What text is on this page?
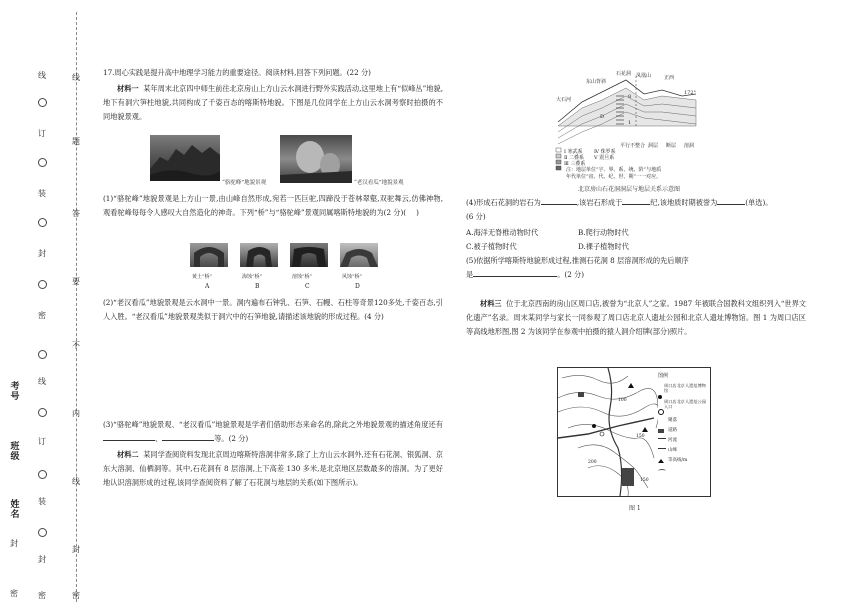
密
封
姓名
班级
考号
线
订
装
封
密
线
订
装
封
密
线
题
答
要
不
内
线
封
密
17.周心实践是提升高中地理学习能力的重要途径。阅读材料,回答下列问题。(22 分)
材料一 某年周末北京四中师生前往北京房山上方山云水洞进行野外实践活动,这里地上有“似峰丛”地貌,地下有洞穴笋柱地貌,共同构成了千姿百态的喀斯特地貌。下图是几位同学在上方山云水洞考察时拍摄的不同地貌景观。
“骆驼峰”地貌景观	“老汉看瓜”地貌景观
(1)“骆驼峰”地貌景观是上方山一景,由山峰自然形成,宛若一匹巨驼,四蹄没于苍林翠壑,双驼舞云,仿佛神物,观看驼峰每每令人感叹大自然造化的神奇。下列“桥”与“骆驼峰”景观同属喀斯特地貌的为(2 分)( )
黄土“桥”
A
海蚀“桥”
B
溶蚀“桥”
C
风蚀“桥”
D
(2)“老汉看瓜”地貌景观是云水洞中一景。洞内遍布石钟乳、石笋、石幔、石柱等奇景120多处,千姿百态,引人入胜。“老汉看瓜”地貌景观类似于洞穴中的石笋地貌,请描述该地貌的形成过程。(4 分)
(3)“骆驼峰”地貌景观、“老汉看瓜”地貌景观是学者们借助形态来命名的,除此之外地貌景观的描述角度还有、	等。(2 分)
材料二 某同学查阅资料发现北京周边喀斯特溶洞非常多,除了上方山云水洞外,还有石花洞、银狐洞、京东大溶洞、仙栖洞等。其中,石花洞有 8 层溶洞,上下高差 130 多米,是北京地区层数最多的溶洞。为了更好地认识溶洞形成的过程,该同学查阅资料了解了石花洞与地层的关系(如下图所示)。
石花洞 凤凰山	正西
东山背斜
大石河
172°
8
1
D
平行不整合 洞层 断层 溶洞
Ⅰ 寒武系
Ⅱ 二叠系
Ⅲ 三叠系
Ⅳ 侏罗系
Ⅴ 震旦系
注：地层单位“宇、界、系、统、阶”与地质
年代单位“宙、代、纪、世、期”一一对应。
北京房山石花洞洞层与地层关系示意图
(4)形成石花洞的岩石为	,该岩石形成于	纪,该地质时期被誉为	(单选)。
(6 分)
A.海洋无脊椎动物时代	B.爬行动物时代
C.被子植物时代	D.裸子植物时代
(5)依据所学喀斯特地貌形成过程,推测石花洞 8 层溶洞形成的先后顺序
是	。(2 分)
材料三 位于北京西南的房山区周口店,被誉为“北京人”之家。1987 年被联合国教科文组织列入“世界文化遗产”名录。周末某同学与家长一同参观了周口店北京人遗址公园和北京人遗址博物馆。图 1 为周口店区等高线地形图,图 2 为该同学在参观中拍摄的猿人洞介绍牌(部分)照片。
100
150
200
150
图例
周口店北京人遗址博物馆
周口店北京人遗址公园入口
聚落
道路
河流
山峰
等高线/m
图 1
